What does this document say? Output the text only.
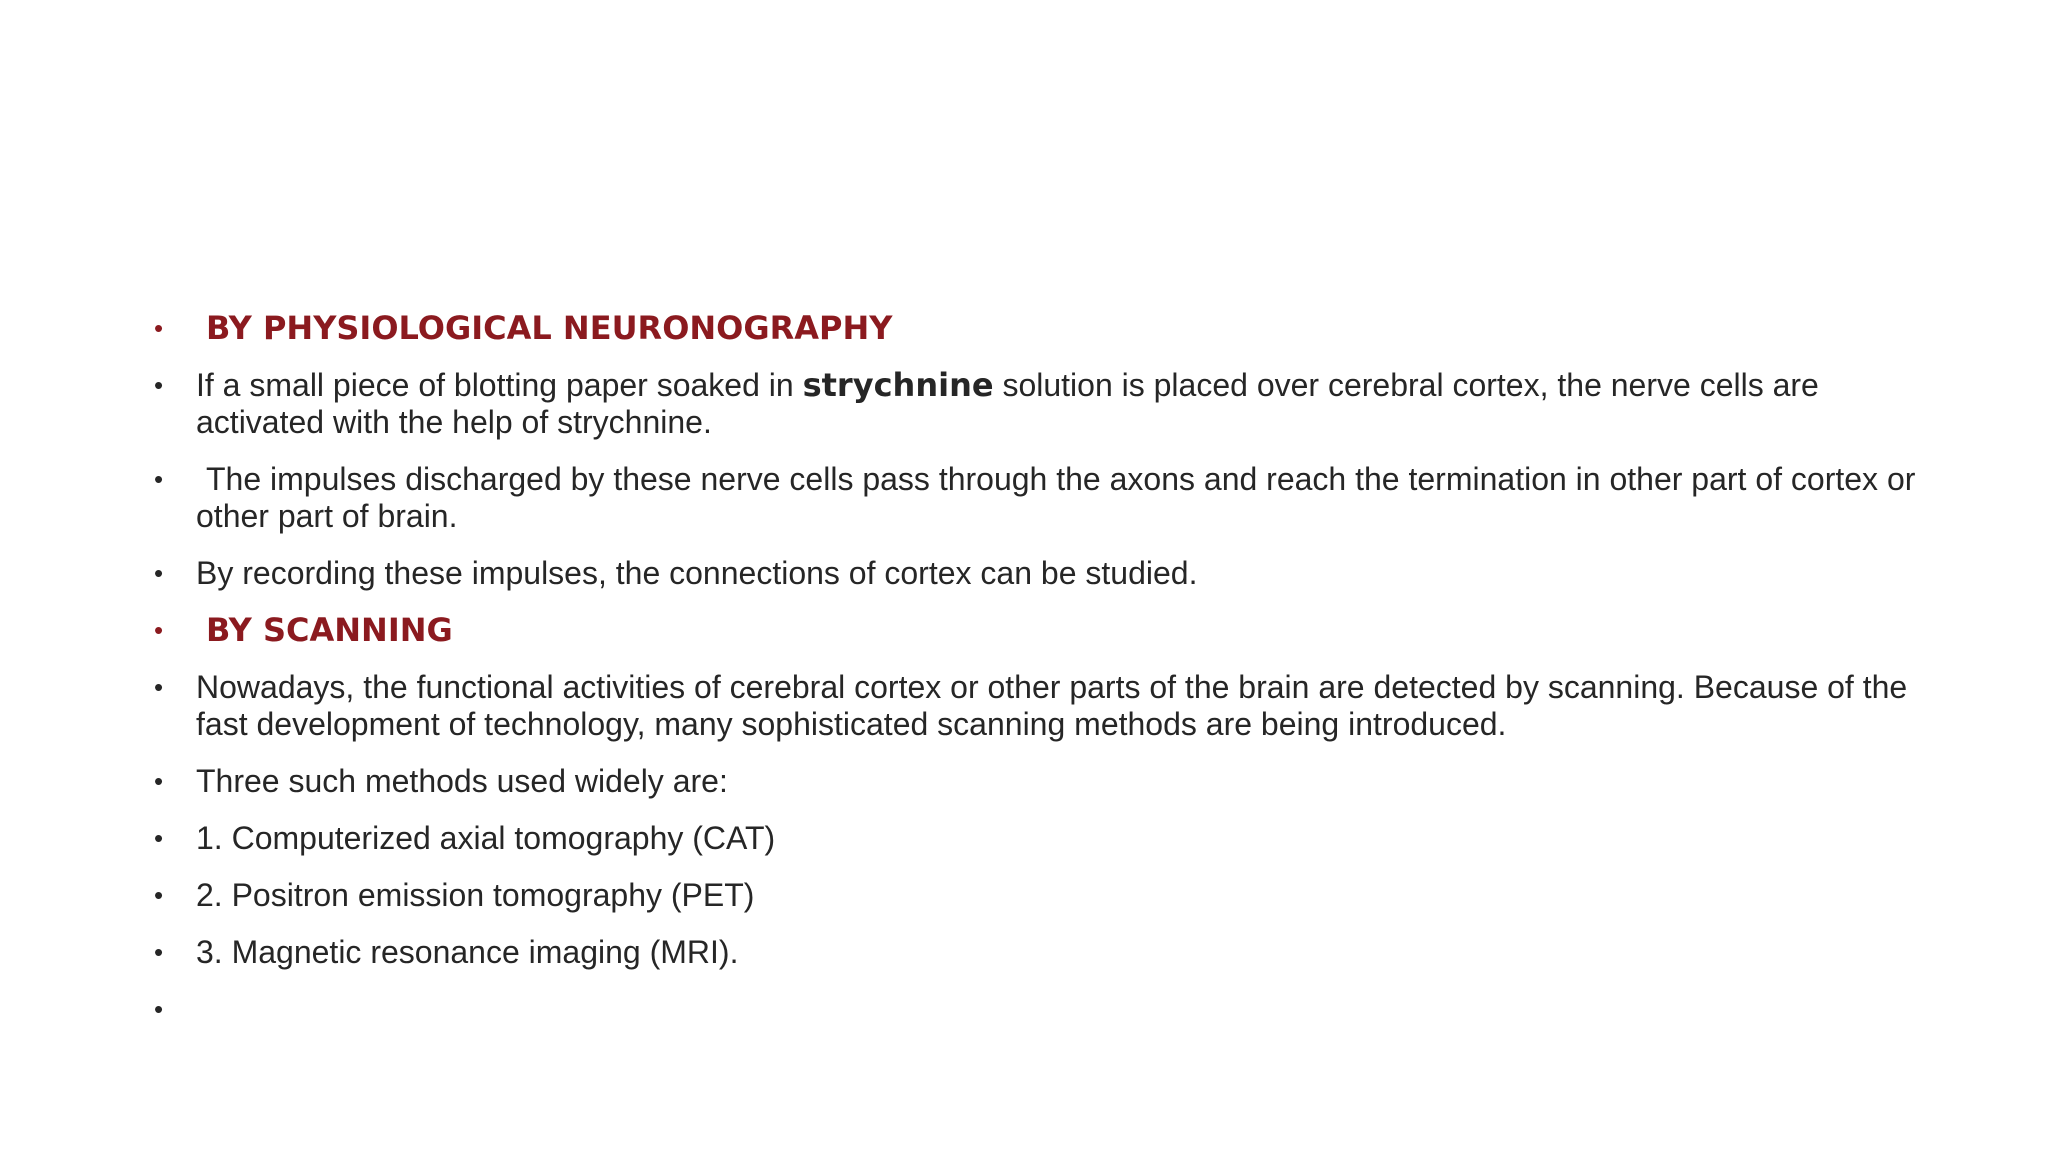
• BY PHYSIOLOGICAL NEURONOGRAPHY
• If a small piece of blotting paper soaked in strychnine solution is placed over cerebral cortex, the nerve cells are activated with the help of strychnine.
• The impulses discharged by these nerve cells pass through the axons and reach the termination in other part of cortex or other part of brain.
• By recording these impulses, the connections of cortex can be studied.
• BY SCANNING
• Nowadays, the functional activities of cerebral cortex or other parts of the brain are detected by scanning. Because of the fast development of technology, many sophisticated scanning methods are being introduced.
• Three such methods used widely are:
• 1. Computerized axial tomography (CAT)
• 2. Positron emission tomography (PET)
• 3. Magnetic resonance imaging (MRI).
•
